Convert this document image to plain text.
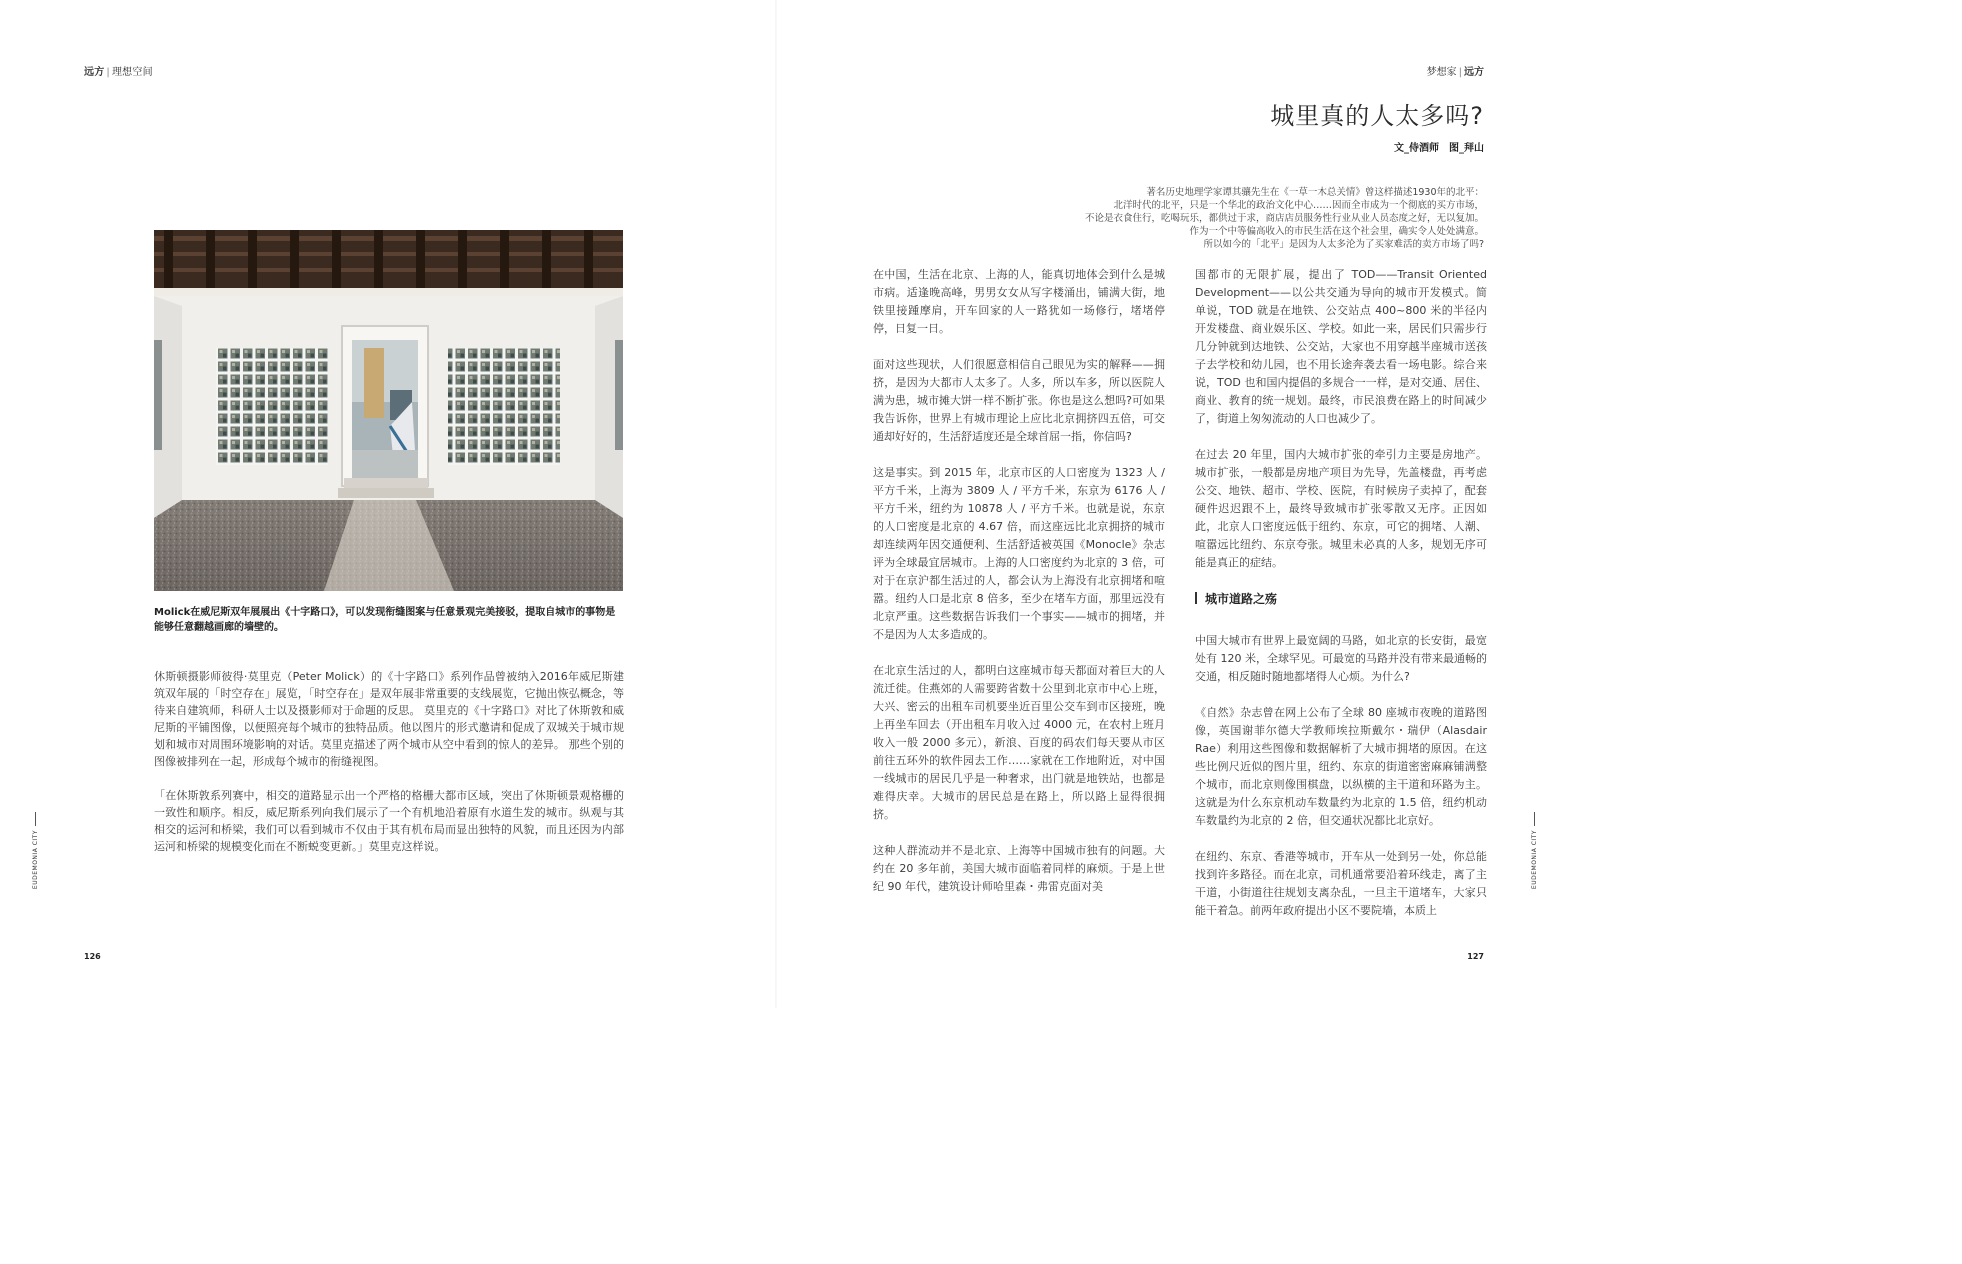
远方 | 理想空间
Molick在威尼斯双年展展出《十字路口》，可以发现衔缝图案与任意景观完美接驳，提取自城市的事物是能够任意翻越画廊的墙壁的。

休斯顿摄影师彼得·莫里克（Peter Molick）的《十字路口》系列作品曾被纳入2016年威尼斯建筑双年展的「时空存在」展览，「时空存在」是双年展非常重要的支线展览，它抛出恢弘概念，等待来自建筑师，科研人士以及摄影师对于命题的反思。 莫里克的《十字路口》对比了休斯敦和威尼斯的平铺图像，以便照亮每个城市的独特品质。他以图片的形式邀请和促成了双城关于城市规划和城市对周围环境影响的对话。莫里克描述了两个城市从空中看到的惊人的差异。 那些个别的图像被排列在一起，形成每个城市的衔缝视图。

「在休斯敦系列赛中，相交的道路显示出一个严格的格栅大都市区域，突出了休斯顿景观格栅的一致性和顺序。相反，威尼斯系列向我们展示了一个有机地沿着原有水道生发的城市。纵观与其相交的运河和桥梁，我们可以看到城市不仅由于其有机布局而显出独特的风貌，而且还因为内部运河和桥梁的规模变化而在不断蜕变更新。」莫里克这样说。

EUDEMONIA CITY
126
梦想家 | 远方
城里真的人太多吗?
文_侍酒师　图_拜山
著名历史地理学家谭其骧先生在《一草一木总关情》曾这样描述1930年的北平：
北洋时代的北平，只是一个华北的政治文化中心……因而全市成为一个彻底的买方市场，
不论是衣食住行，吃喝玩乐，都供过于求，商店店员服务性行业从业人员态度之好，无以复加。
作为一个中等偏高收入的市民生活在这个社会里，确实令人处处满意。
所以如今的「北平」是因为人太多沦为了买家难活的卖方市场了吗?
EUDEMONIA CITY
127

在中国，生活在北京、上海的人，能真切地体会到什么是城市病。适逢晚高峰，男男女女从写字楼涌出，铺满大街，地铁里接踵摩肩，开车回家的人一路犹如一场修行，堵堵停停，日复一日。

面对这些现状，人们很愿意相信自己眼见为实的解释——拥挤，是因为大都市人太多了。人多，所以车多，所以医院人满为患，城市摊大饼一样不断扩张。你也是这么想吗?可如果我告诉你，世界上有城市理论上应比北京拥挤四五倍，可交通却好好的，生活舒适度还是全球首屈一指，你信吗?

这是事实。到 2015 年，北京市区的人口密度为 1323 人 / 平方千米，上海为 3809 人 / 平方千米，东京为 6176 人 / 平方千米，纽约为 10878 人 / 平方千米。也就是说，东京的人口密度是北京的 4.67 倍，而这座远比北京拥挤的城市却连续两年因交通便利、生活舒适被英国《Monocle》杂志评为全球最宜居城市。上海的人口密度约为北京的 3 倍，可对于在京沪都生活过的人，都会认为上海没有北京拥堵和喧嚣。纽约人口是北京 8 倍多，至少在堵车方面，那里远没有北京严重。这些数据告诉我们一个事实——城市的拥堵，并不是因为人太多造成的。

在北京生活过的人，都明白这座城市每天都面对着巨大的人流迁徙。住燕郊的人需要跨省数十公里到北京市中心上班，大兴、密云的出租车司机要坐近百里公交车到市区接班，晚上再坐车回去（开出租车月收入过 4000 元，在农村上班月收入一般 2000 多元），新浪、百度的码农们每天要从市区前往五环外的软件园去工作……家就在工作地附近，对中国一线城市的居民几乎是一种奢求，出门就是地铁站，也都是难得庆幸。大城市的居民总是在路上，所以路上显得很拥挤。

这种人群流动并不是北京、上海等中国城市独有的问题。大约在 20 多年前，美国大城市面临着同样的麻烦。于是上世纪 90 年代，建筑设计师哈里森・弗雷克面对美

国都市的无限扩展，提出了 TOD——Transit Oriented Development——以公共交通为导向的城市开发模式。简单说，TOD 就是在地铁、公交站点 400~800 米的半径内开发楼盘、商业娱乐区、学校。如此一来，居民们只需步行几分钟就到达地铁、公交站，大家也不用穿越半座城市送孩子去学校和幼儿园，也不用长途奔袭去看一场电影。综合来说，TOD 也和国内提倡的多规合一一样，是对交通、居住、商业、教育的统一规划。最终，市民浪费在路上的时间减少了，街道上匆匆流动的人口也减少了。

在过去 20 年里，国内大城市扩张的牵引力主要是房地产。城市扩张，一般都是房地产项目为先导，先盖楼盘，再考虑公交、地铁、超市、学校、医院，有时候房子卖掉了，配套硬件迟迟跟不上，最终导致城市扩张零散又无序。正因如此，北京人口密度远低于纽约、东京，可它的拥堵、人潮、喧嚣远比纽约、东京夸张。城里未必真的人多，规划无序可能是真正的症结。

城市道路之殇

中国大城市有世界上最宽阔的马路，如北京的长安街，最宽处有 120 米，全球罕见。可最宽的马路并没有带来最通畅的交通，相反随时随地都堵得人心烦。为什么?

《自然》杂志曾在网上公布了全球 80 座城市夜晚的道路图像，英国谢菲尔德大学教师埃拉斯戴尔・瑞伊（Alasdair Rae）利用这些图像和数据解析了大城市拥堵的原因。在这些比例尺近似的图片里，纽约、东京的街道密密麻麻铺满整个城市，而北京则像围棋盘，以纵横的主干道和环路为主。这就是为什么东京机动车数量约为北京的 1.5 倍，纽约机动车数量约为北京的 2 倍，但交通状况都比北京好。

在纽约、东京、香港等城市，开车从一处到另一处，你总能找到许多路径。而在北京，司机通常要沿着环线走，离了主干道，小街道往往规划支离杂乱，一旦主干道堵车，大家只能干着急。前两年政府提出小区不要院墙，本质上
